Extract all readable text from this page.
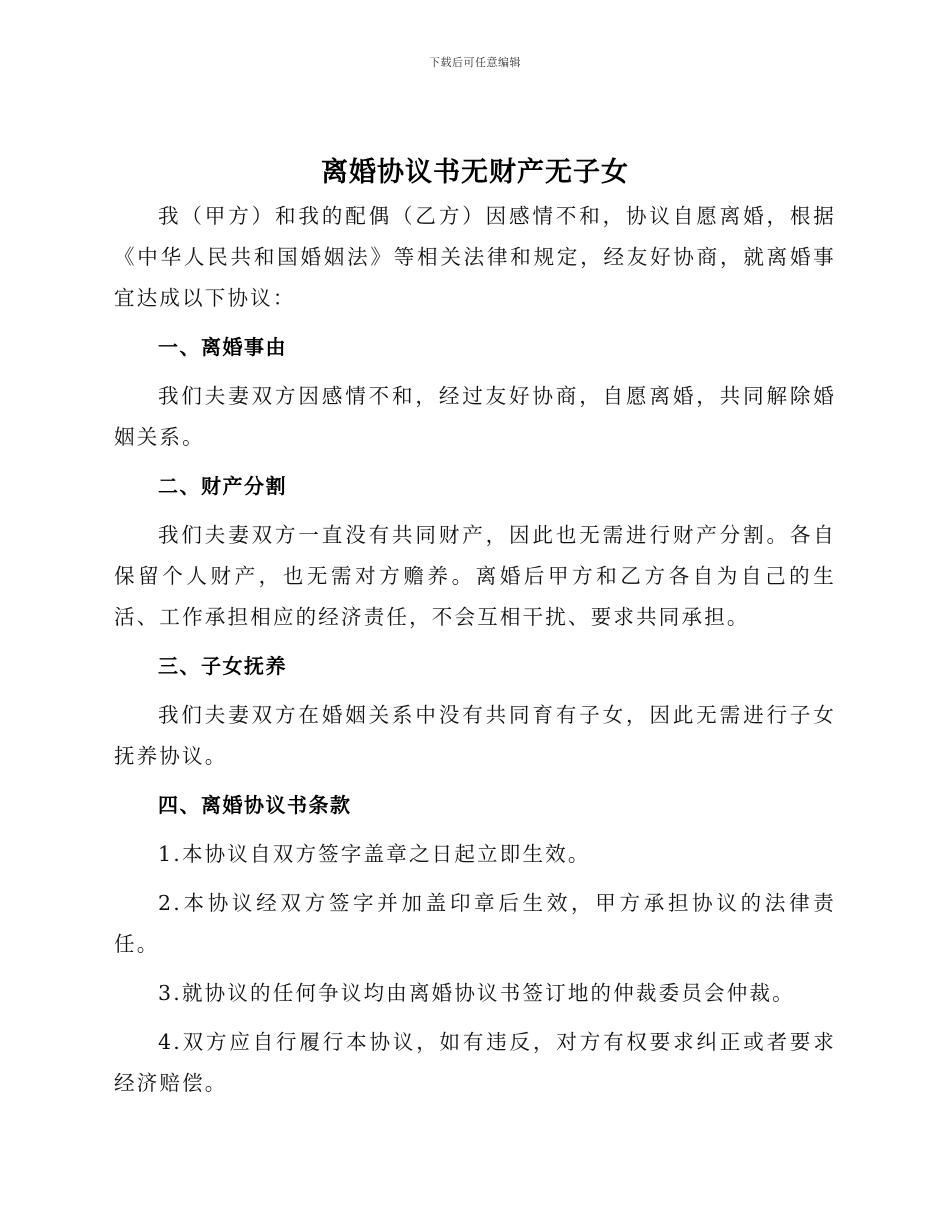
下载后可任意编辑
离婚协议书无财产无子女

我（甲方）和我的配偶（乙方）因感情不和，协议自愿离婚，根据《中华人民共和国婚姻法》等相关法律和规定，经友好协商，就离婚事宜达成以下协议：

一、离婚事由

我们夫妻双方因感情不和，经过友好协商，自愿离婚，共同解除婚姻关系。

二、财产分割

我们夫妻双方一直没有共同财产，因此也无需进行财产分割。各自保留个人财产，也无需对方赡养。离婚后甲方和乙方各自为自己的生活、工作承担相应的经济责任，不会互相干扰、要求共同承担。

三、子女抚养

我们夫妻双方在婚姻关系中没有共同育有子女，因此无需进行子女抚养协议。

四、离婚协议书条款

1.本协议自双方签字盖章之日起立即生效。

2.本协议经双方签字并加盖印章后生效，甲方承担协议的法律责任。

3.就协议的任何争议均由离婚协议书签订地的仲裁委员会仲裁。

4.双方应自行履行本协议，如有违反，对方有权要求纠正或者要求经济赔偿。
